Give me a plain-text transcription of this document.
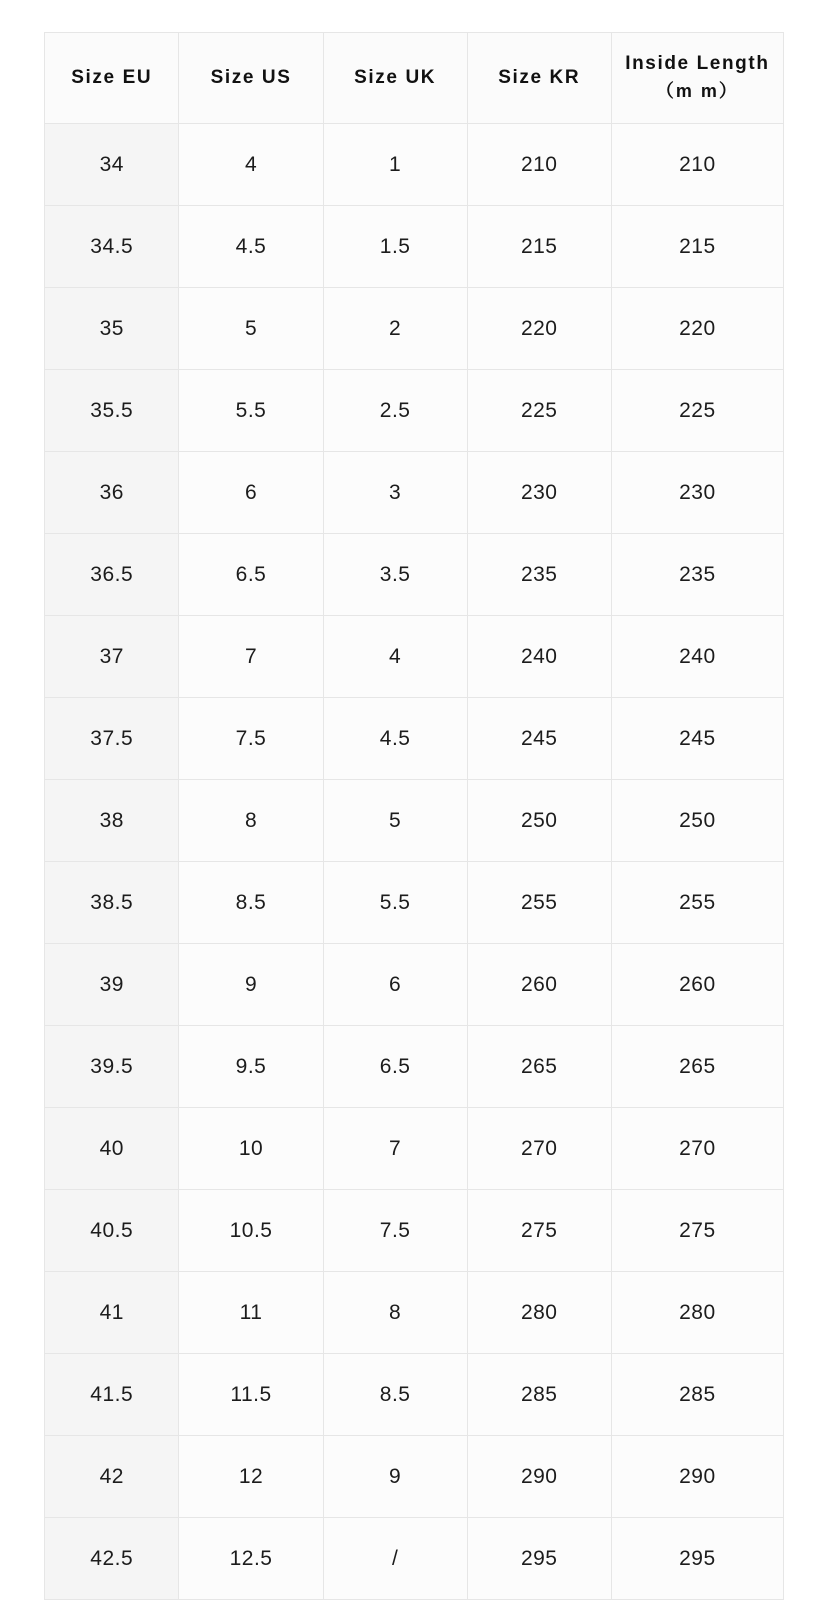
Size EU	Size US	Size UK	Size KR	Inside Length
（m m）

34	4	1	210	210
34.5	4.5	1.5	215	215
35	5	2	220	220
35.5	5.5	2.5	225	225
36	6	3	230	230
36.5	6.5	3.5	235	235
37	7	4	240	240
37.5	7.5	4.5	245	245
38	8	5	250	250
38.5	8.5	5.5	255	255
39	9	6	260	260
39.5	9.5	6.5	265	265
40	10	7	270	270
40.5	10.5	7.5	275	275
41	11	8	280	280
41.5	11.5	8.5	285	285
42	12	9	290	290
42.5	12.5	/	295	295
